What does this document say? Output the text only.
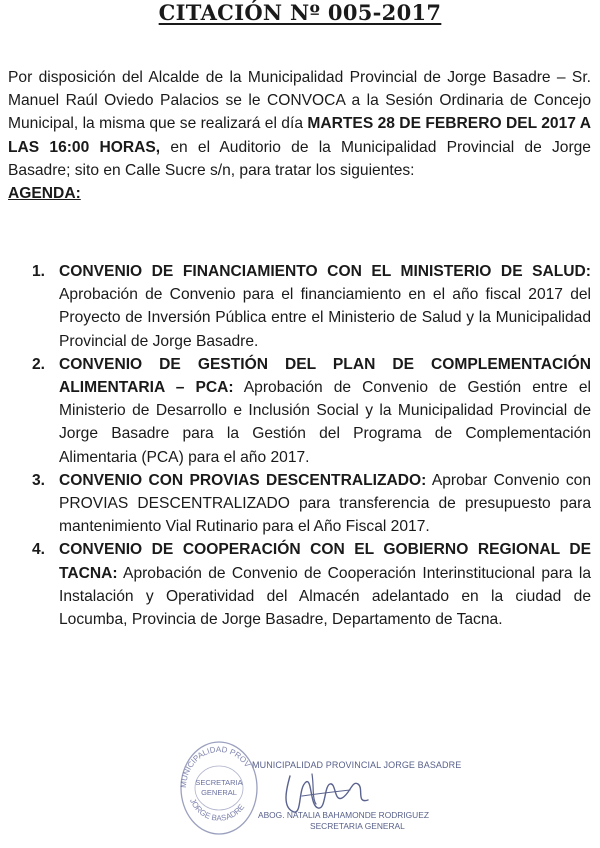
CITACIÓN Nº 005-2017

Por disposición del Alcalde de la Municipalidad Provincial de Jorge Basadre – Sr. Manuel Raúl Oviedo Palacios se le CONVOCA a la Sesión Ordinaria de Concejo Municipal, la misma que se realizará el día MARTES 28 DE FEBRERO DEL 2017 A LAS 16:00 HORAS, en el Auditorio de la Municipalidad Provincial de Jorge Basadre; sito en Calle Sucre s/n, para tratar los siguientes:

AGENDA:

1. CONVENIO DE FINANCIAMIENTO CON EL MINISTERIO DE SALUD: Aprobación de Convenio para el financiamiento en el año fiscal 2017 del Proyecto de Inversión Pública entre el Ministerio de Salud y la Municipalidad Provincial de Jorge Basadre.
2. CONVENIO DE GESTIÓN DEL PLAN DE COMPLEMENTACIÓN ALIMENTARIA – PCA: Aprobación de Convenio de Gestión entre el Ministerio de Desarrollo e Inclusión Social y la Municipalidad Provincial de Jorge Basadre para la Gestión del Programa de Complementación Alimentaria (PCA) para el año 2017.
3. CONVENIO CON PROVIAS DESCENTRALIZADO: Aprobar Convenio con PROVIAS DESCENTRALIZADO para transferencia de presupuesto para mantenimiento Vial Rutinario para el Año Fiscal 2017.
4. CONVENIO DE COOPERACIÓN CON EL GOBIERNO REGIONAL DE TACNA: Aprobación de Convenio de Cooperación Interinstitucional para la Instalación y Operatividad del Almacén adelantado en la ciudad de Locumba, Provincia de Jorge Basadre, Departamento de Tacna.
MUNICIPALIDAD PROV
JORGE BASADRE
SECRETARIA
GENERAL
MUNICIPALIDAD PROVINCIAL JORGE BASADRE
ABOG. NATALIA BAHAMONDE RODRIGUEZ
SECRETARIA GENERAL
